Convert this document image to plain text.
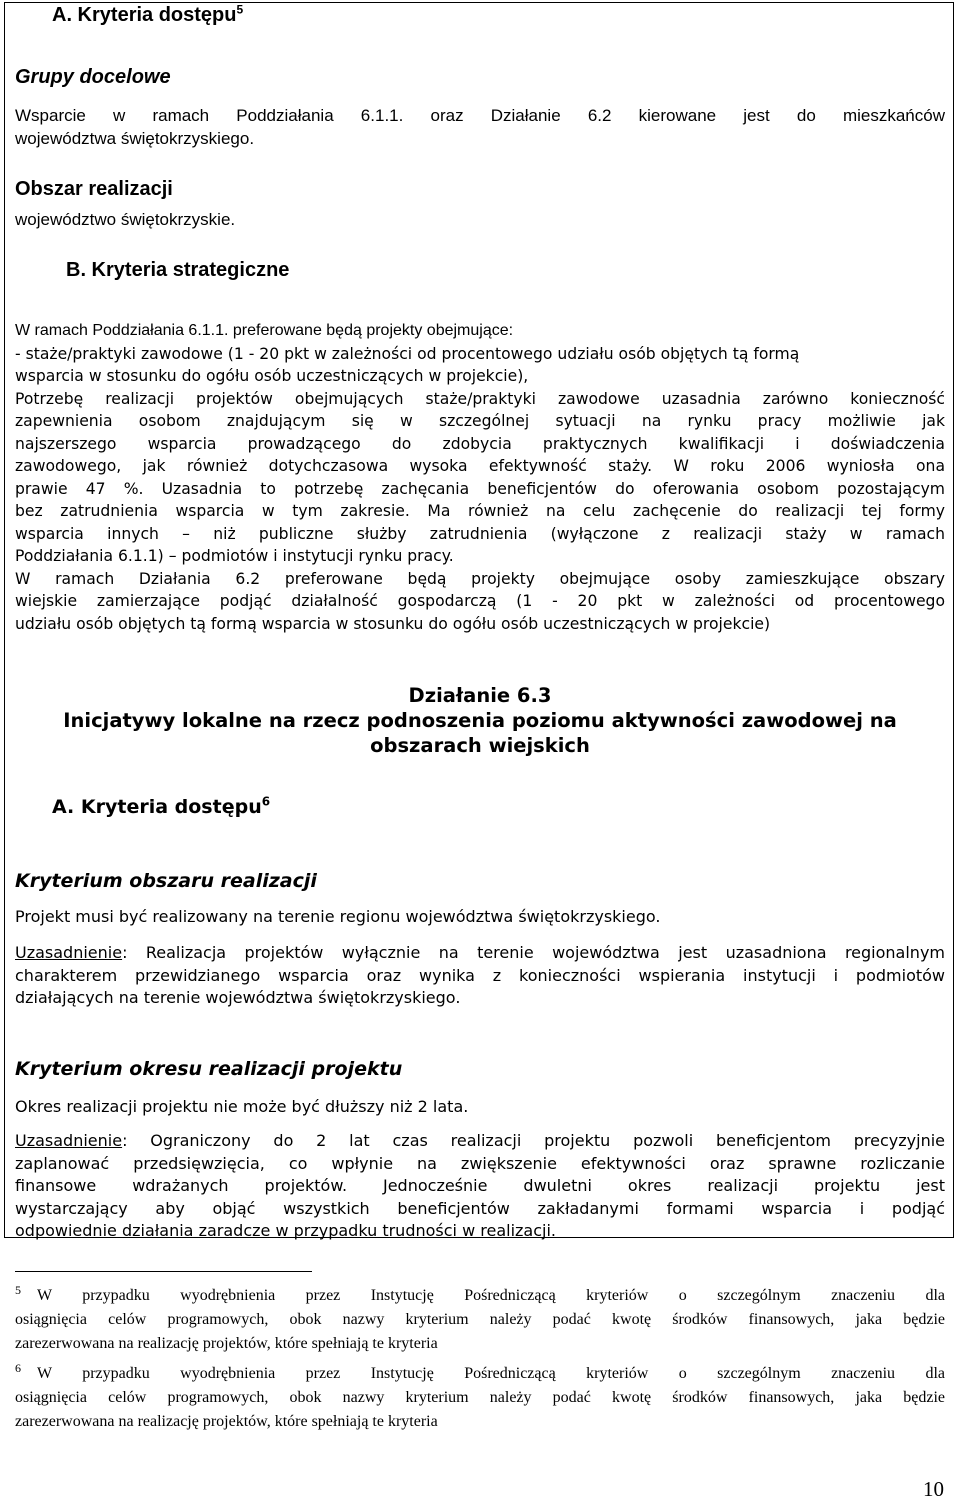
A. Kryteria dostępu$^5$
Grupy docelowe
Wsparcie w ramach Poddziałania 6.1.1. oraz Działanie 6.2 kierowane jest do mieszkańców
województwa świętokrzyskiego.
Obszar realizacji
województwo świętokrzyskie.
B. Kryteria strategiczne
W ramach Poddziałania 6.1.1. preferowane będą projekty obejmujące:
- staże/praktyki zawodowe (1 - 20 pkt w zależności od procentowego udziału osób objętych tą formą
wsparcia w stosunku do ogółu osób uczestniczących w projekcie),
Potrzebę realizacji projektów obejmujących staże/praktyki zawodowe uzasadnia zarówno konieczność
zapewnienia osobom znajdującym się w szczególnej sytuacji na rynku pracy możliwie jak
najszerszego wsparcia prowadzącego do zdobycia praktycznych kwalifikacji i doświadczenia
zawodowego, jak również dotychczasowa wysoka efektywność staży. W roku 2006 wyniosła ona
prawie 47 %. Uzasadnia to potrzebę zachęcania beneficjentów do oferowania osobom pozostającym
bez zatrudnienia wsparcia w tym zakresie. Ma również na celu zachęcenie do realizacji tej formy
wsparcia innych – niż publiczne służby zatrudnienia (wyłączone z realizacji staży w ramach
Poddziałania 6.1.1) – podmiotów i instytucji rynku pracy.
W ramach Działania 6.2 preferowane będą projekty obejmujące osoby zamieszkujące obszary
wiejskie zamierzające podjąć działalność gospodarczą (1 - 20 pkt w zależności od procentowego
udziału osób objętych tą formą wsparcia w stosunku do ogółu osób uczestniczących w projekcie)
Działanie 6.3
Inicjatywy lokalne na rzecz podnoszenia poziomu aktywności zawodowej na
obszarach wiejskich
A. Kryteria dostępu$^6$
Kryterium obszaru realizacji
Projekt musi być realizowany na terenie regionu województwa świętokrzyskiego.
Uzasadnienie: Realizacja projektów wyłącznie na terenie województwa jest uzasadniona regionalnym
charakterem przewidzianego wsparcia oraz wynika z konieczności wspierania instytucji i podmiotów
działających na terenie województwa świętokrzyskiego.
Kryterium okresu realizacji projektu
Okres realizacji projektu nie może być dłuższy niż 2 lata.
Uzasadnienie: Ograniczony do 2 lat czas realizacji projektu pozwoli beneficjentom precyzyjnie
zaplanować przedsięwzięcia, co wpłynie na zwiększenie efektywności oraz sprawne rozliczanie
finansowe wdrażanych projektów. Jednocześnie dwuletni okres realizacji projektu jest
wystarczający aby objąć wszystkich beneficjentów zakładanymi formami wsparcia i podjąć
odpowiednie działania zaradcze w przypadku trudności w realizacji.
$^5$ W przypadku wyodrębnienia przez Instytucję Pośredniczącą kryteriów o szczególnym znaczeniu dla
osiągnięcia celów programowych, obok nazwy kryterium należy podać kwotę środków finansowych, jaka będzie
zarezerwowana na realizację projektów, które spełniają te kryteria
$^6$ W przypadku wyodrębnienia przez Instytucję Pośredniczącą kryteriów o szczególnym znaczeniu dla
osiągnięcia celów programowych, obok nazwy kryterium należy podać kwotę środków finansowych, jaka będzie
zarezerwowana na realizację projektów, które spełniają te kryteria
10
